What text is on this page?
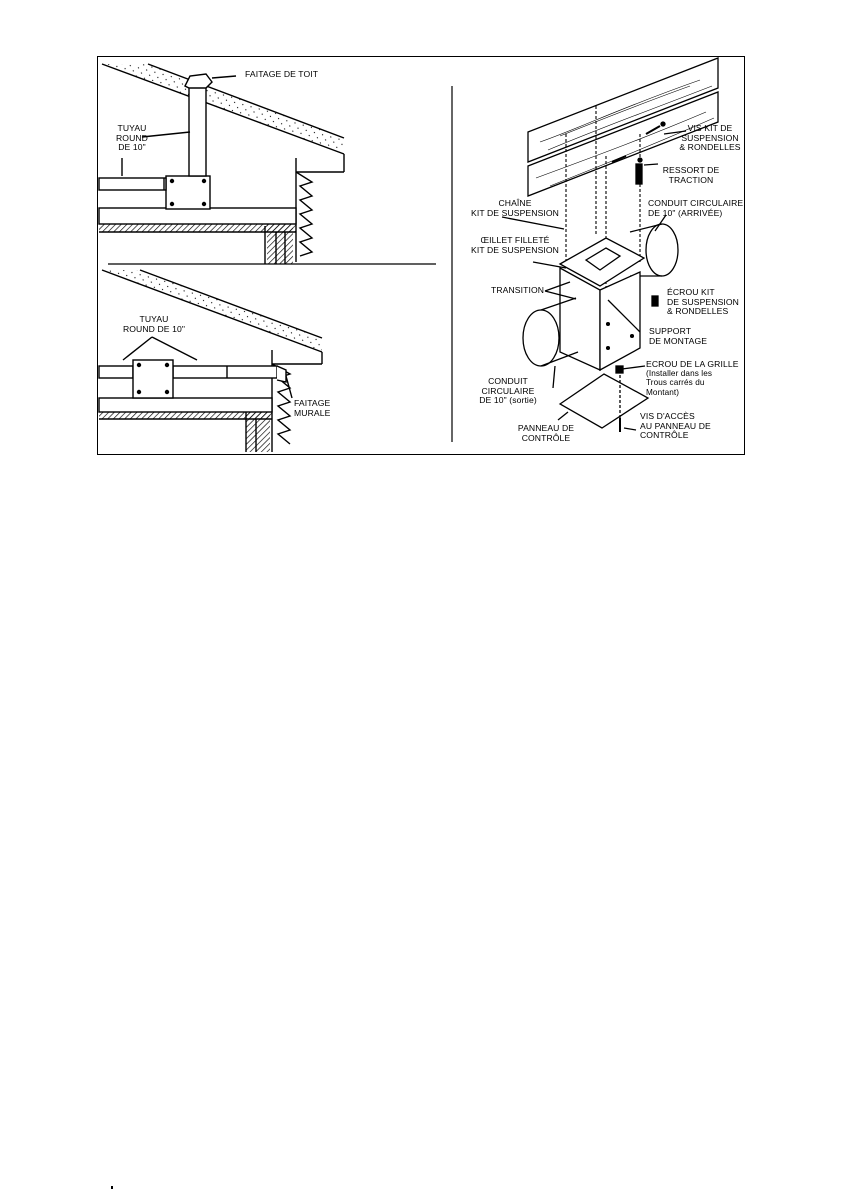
FAITAGE DE TOIT
TUYAU
ROUND
DE 10"
TUYAU
ROUND DE 10"
FAITAGE
MURALE
VIS KIT DE
SUSPENSION
& RONDELLES
RESSORT DE
TRACTION
CHAÎNE
KIT DE SUSPENSION
CONDUIT CIRCULAIRE
DE 10" (ARRIVÉE)
ŒILLET FILLETÉ
KIT DE SUSPENSION
TRANSITION	ÉCROU KIT
DE SUSPENSION
& RONDELLES
SUPPORT
DE MONTAGE
ECROU DE LA GRILLE
(Installer dans les
Trous carrés du
Montant)
CONDUIT
CIRCULAIRE
DE 10" (sortie)
VIS D'ACCÈS
AU PANNEAU DE
CONTRÔLE
PANNEAU DE
CONTRÔLE
